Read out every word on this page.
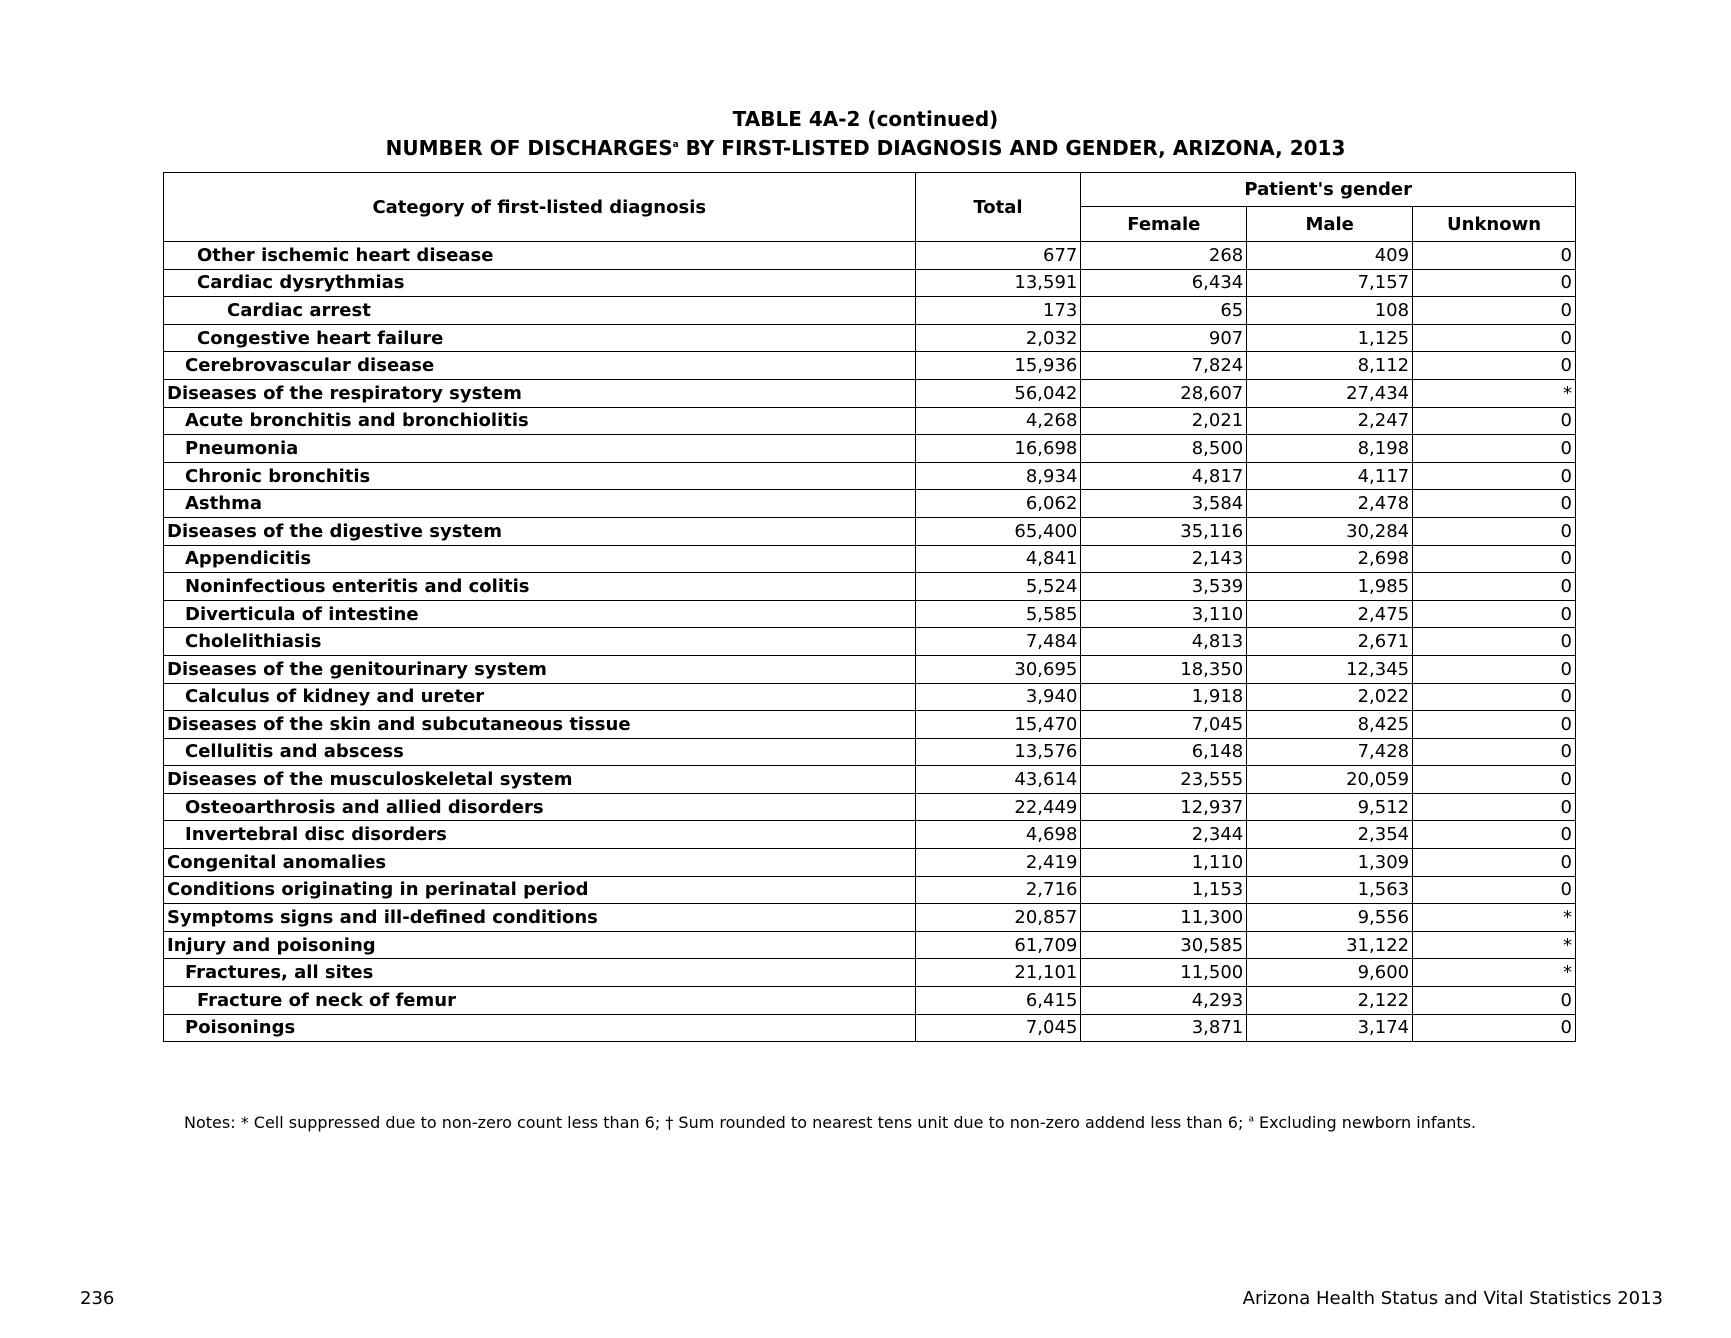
TABLE 4A-2 (continued)
NUMBER OF DISCHARGES$^a$ BY FIRST-LISTED DIAGNOSIS AND GENDER, ARIZONA, 2013
Category of first-listed diagnosis	Total	Patient's gender		
		Female	Male	Unknown
Other ischemic heart disease	677	268	409	0
Cardiac dysrythmias	13,591	6,434	7,157	0
Cardiac arrest	173	65	108	0
Congestive heart failure	2,032	907	1,125	0
Cerebrovascular disease	15,936	7,824	8,112	0
Diseases of the respiratory system	56,042	28,607	27,434	*
Acute bronchitis and bronchiolitis	4,268	2,021	2,247	0
Pneumonia	16,698	8,500	8,198	0
Chronic bronchitis	8,934	4,817	4,117	0
Asthma	6,062	3,584	2,478	0
Diseases of the digestive system	65,400	35,116	30,284	0
Appendicitis	4,841	2,143	2,698	0
Noninfectious enteritis and colitis	5,524	3,539	1,985	0
Diverticula of intestine	5,585	3,110	2,475	0
Cholelithiasis	7,484	4,813	2,671	0
Diseases of the genitourinary system	30,695	18,350	12,345	0
Calculus of kidney and ureter	3,940	1,918	2,022	0
Diseases of the skin and subcutaneous tissue	15,470	7,045	8,425	0
Cellulitis and abscess	13,576	6,148	7,428	0
Diseases of the musculoskeletal system	43,614	23,555	20,059	0
Osteoarthrosis and allied disorders	22,449	12,937	9,512	0
Invertebral disc disorders	4,698	2,344	2,354	0
Congenital anomalies	2,419	1,110	1,309	0
Conditions originating in perinatal period	2,716	1,153	1,563	0
Symptoms signs and ill-defined conditions	20,857	11,300	9,556	*
Injury and poisoning	61,709	30,585	31,122	*
Fractures, all sites	21,101	11,500	9,600	*
Fracture of neck of femur	6,415	4,293	2,122	0
Poisonings	7,045	3,871	3,174	0
Notes: * Cell suppressed due to non-zero count less than 6; † Sum rounded to nearest tens unit due to non-zero addend less than 6; $^a$ Excluding newborn infants.
236	Arizona Health Status and Vital Statistics 2013
